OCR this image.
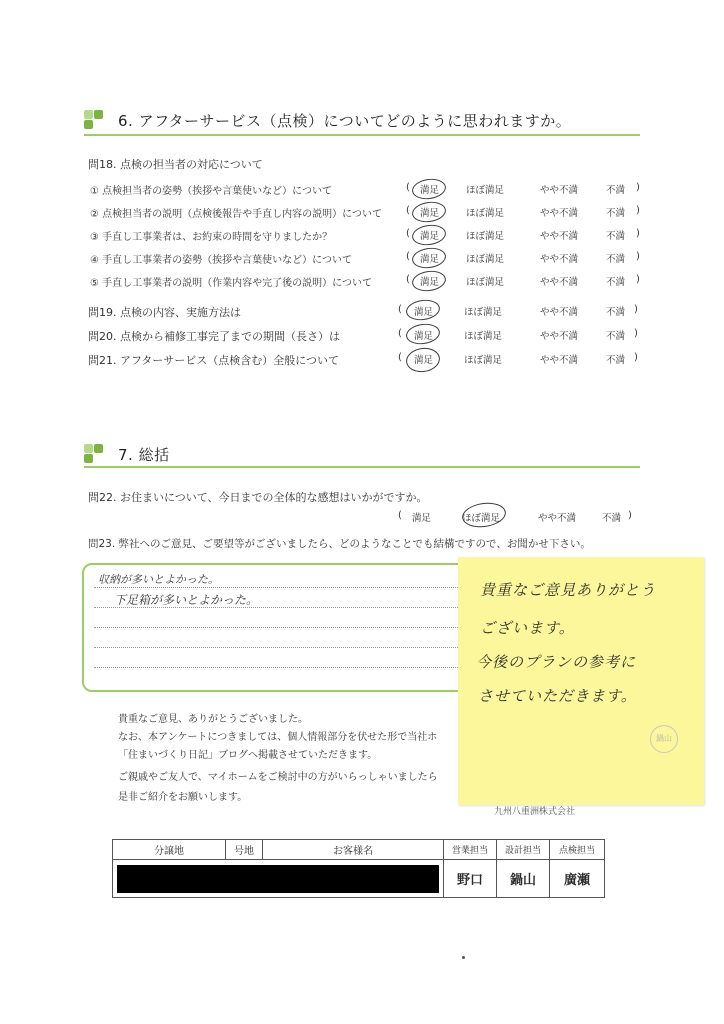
6. アフターサービス（点検）についてどのように思われますか。
問18. 点検の担当者の対応について
① 点検担当者の姿勢（挨拶や言葉使いなど）について	( 満足	ほぼ満足	やや不満	不満 )
② 点検担当者の説明（点検後報告や手直し内容の説明）について ( 満足	ほぼ満足	やや不満	不満 )
③ 手直し工事業者は、お約束の時間を守りましたか？	( 満足	ほぼ満足	やや不満	不満 )
④ 手直し工事業者の姿勢（挨拶や言葉使いなど）について	( 満足	ほぼ満足	やや不満	不満 )
⑤ 手直し工事業者の説明（作業内容や完了後の説明）について	( 満足	ほぼ満足	やや不満	不満 )
問19. 点検の内容、実施方法は	( 満足	ほぼ満足	やや不満	不満 )
問20. 点検から補修工事完了までの期間（長さ）は	( 満足	ほぼ満足	やや不満	不満 )
問21. アフターサービス（点検含む）全般について	( 満足	ほぼ満足	やや不満	不満 )
7. 総括
問22. お住まいについて、今日までの全体的な感想はいかがですか。
( 満足	ほぼ満足	やや不満	不満 )
問23. 弊社へのご意見、ご要望等がございましたら、どのようなことでも結構ですので、お聞かせ下さい。
収納が多いとよかった。
下足箱が多いとよかった。
貴重なご意見、ありがとうございました。
なお、本アンケートにつきましては、個人情報部分を伏せた形で当社ホ
「住まいづくり日記」ブログへ掲載させていただきます。
ご親戚やご友人で、マイホームをご検討中の方がいらっしゃいましたら
是非ご紹介をお願いします。
九州八重洲株式会社
貴重なご意見ありがとう
ございます。
今後のプランの参考に
させていただきます。
鍋山
分譲地	号地	お客様名	営業担当	設計担当	点検担当

			野口	鍋山	廣瀬
